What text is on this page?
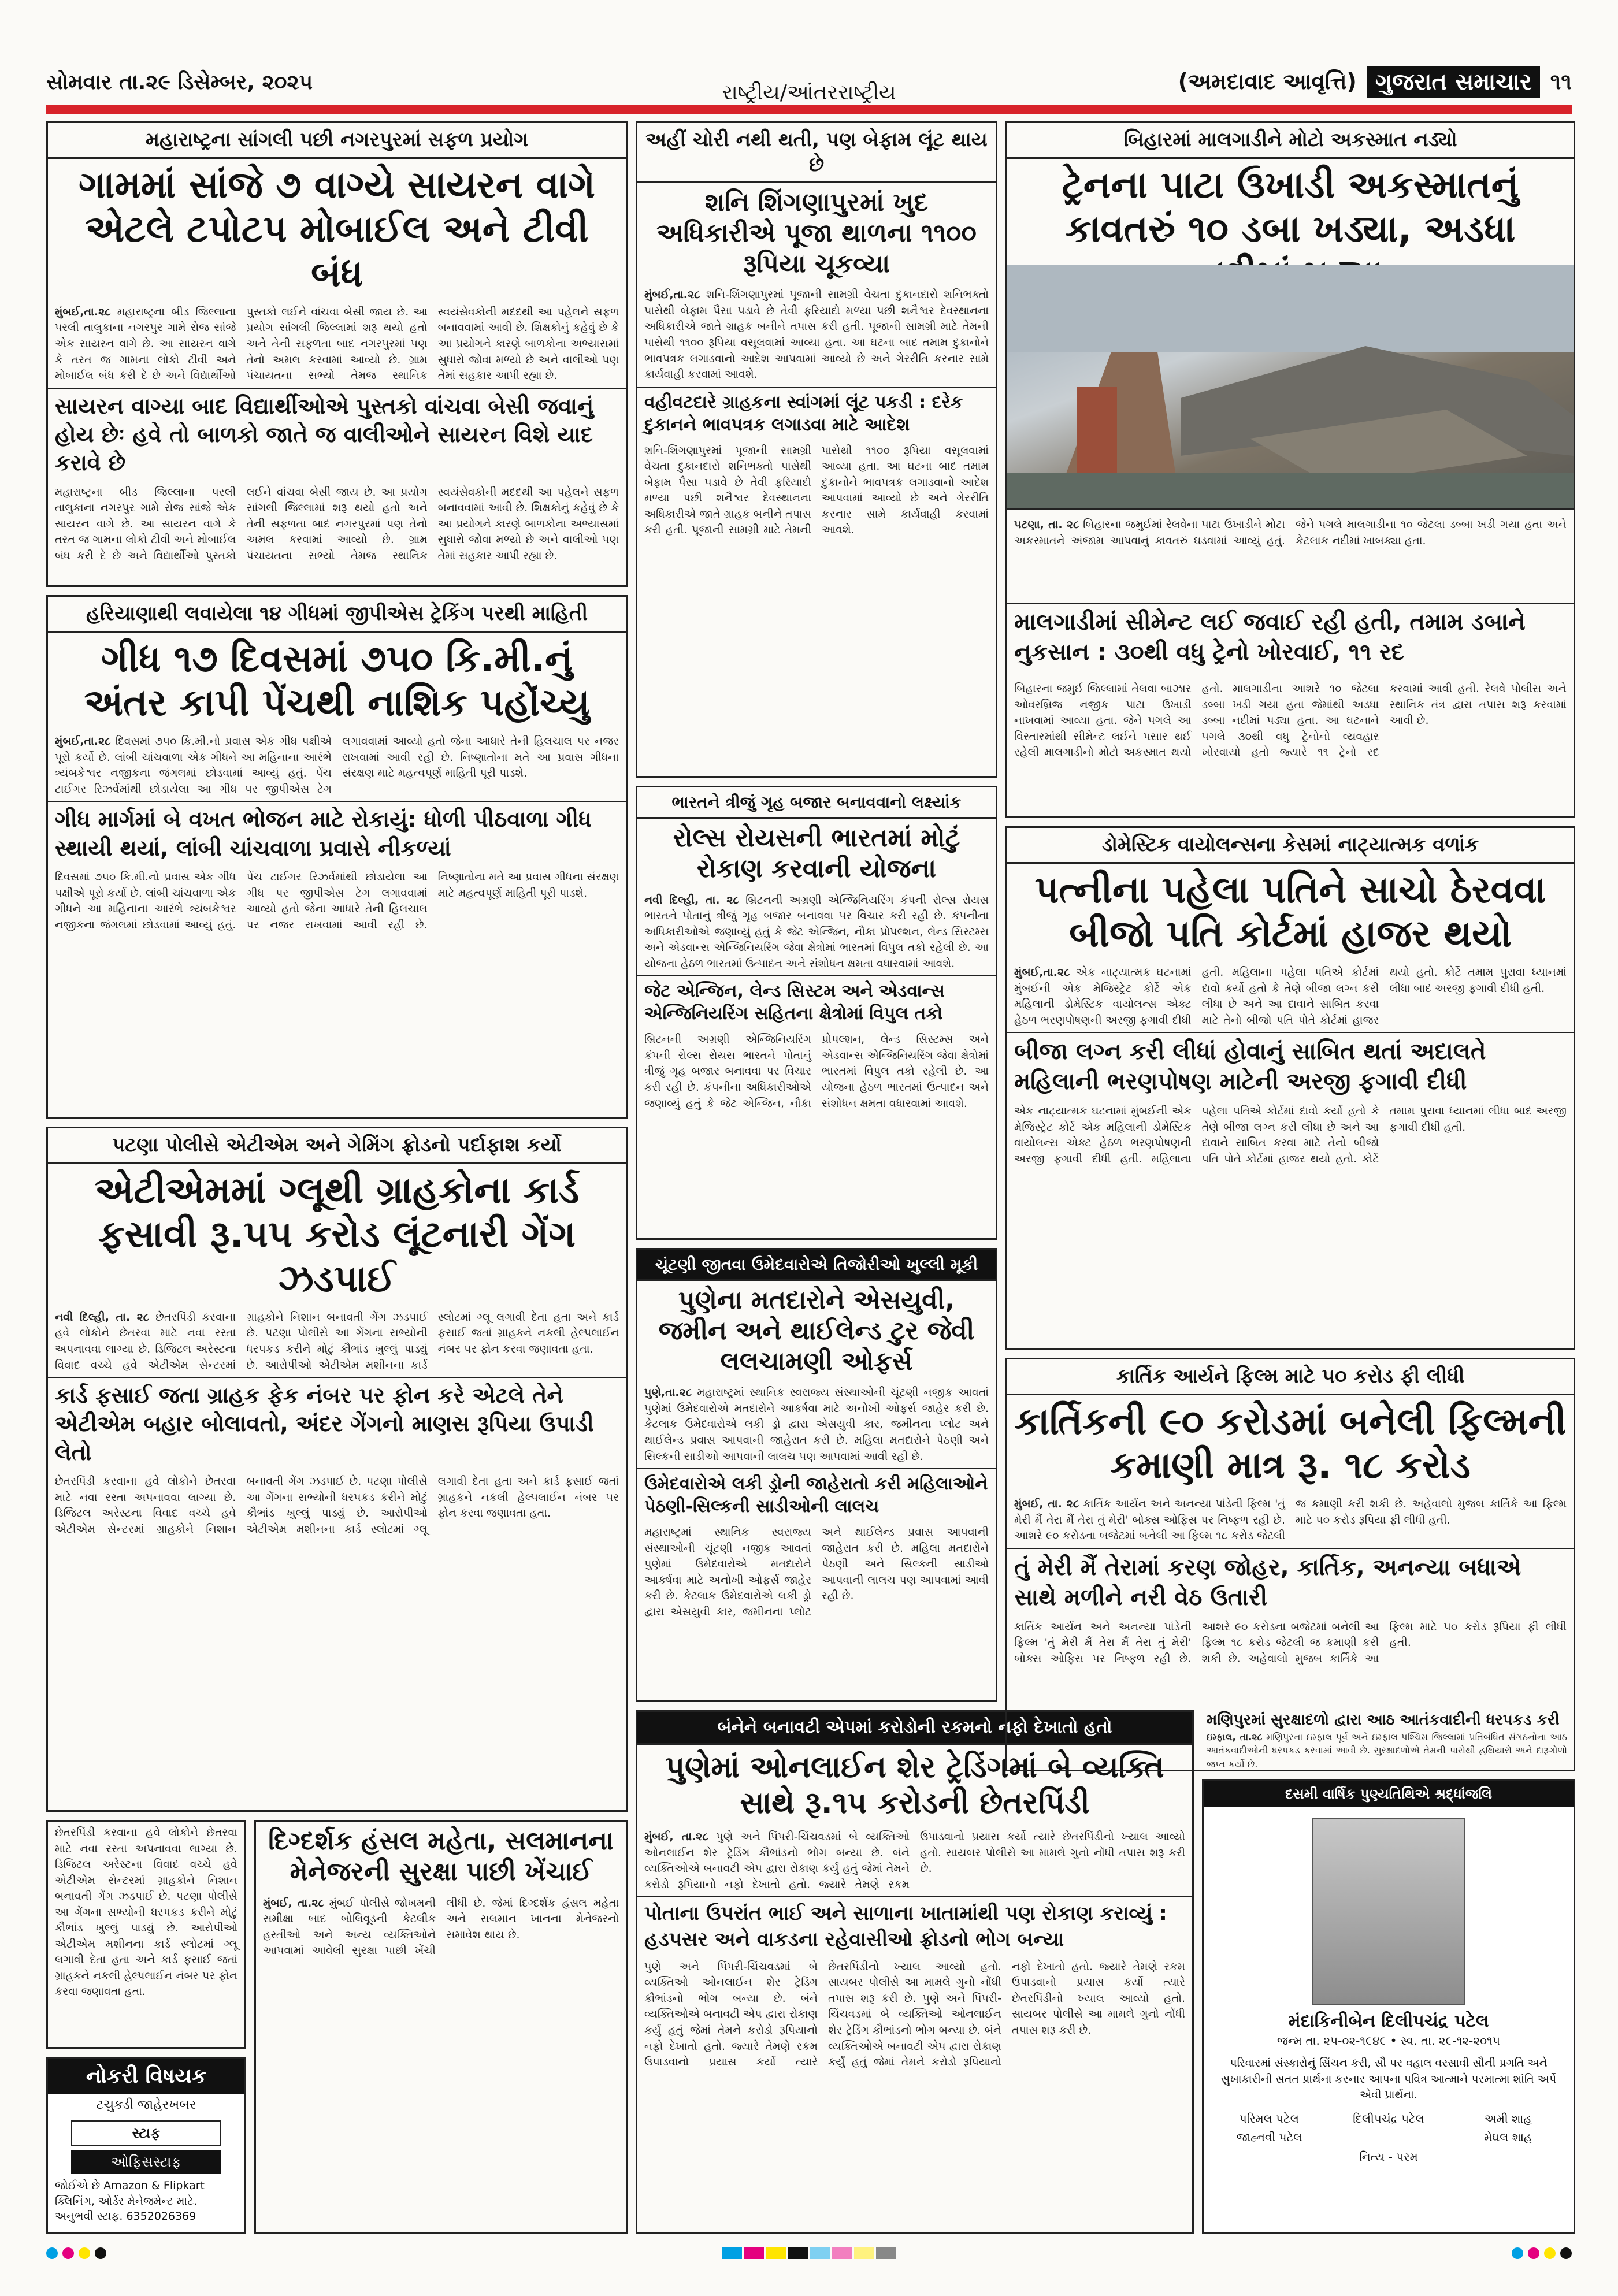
સોમવાર તા.૨૯ ડિસેમ્બર, ૨૦૨૫	રાષ્ટ્રીય/આંતરરાષ્ટ્રીય	(અમદાવાદ આવૃત્તિ) ગુજરાત સમાચાર ૧૧
મહારાષ્ટ્રના સાંગલી પછી નગરપુરમાં સફળ પ્રયોગ
ગામમાં સાંજે ૭ વાગ્યે સાયરન વાગે એટલે ટપોટપ મોબાઈલ અને ટીવી બંધ
મુંબઈ,તા.૨૮ મહારાષ્ટ્રના બીડ જિલ્લાના પરલી તાલુકાના નગરપુર ગામે રોજ સાંજે એક સાયરન વાગે છે. આ સાયરન વાગે કે તરત જ ગામના લોકો ટીવી અને મોબાઈલ બંધ કરી દે છે અને વિદ્યાર્થીઓ પુસ્તકો લઈને વાંચવા બેસી જાય છે. આ પ્રયોગ સાંગલી જિલ્લામાં શરૂ થયો હતો અને તેની સફળતા બાદ નગરપુરમાં પણ તેનો અમલ કરવામાં આવ્યો છે. ગ્રામ પંચાયતના સભ્યો તેમજ સ્થાનિક સ્વયંસેવકોની મદદથી આ પહેલને સફળ બનાવવામાં આવી છે. શિક્ષકોનું કહેવું છે કે આ પ્રયોગને કારણે બાળકોના અભ્યાસમાં સુધારો જોવા મળ્યો છે અને વાલીઓ પણ તેમાં સહકાર આપી રહ્યા છે.
સાયરન વાગ્યા બાદ વિદ્યાર્થીઓએ પુસ્તકો વાંચવા બેસી જવાનું હોય છેઃ હવે તો બાળકો જાતે જ વાલીઓને સાયરન વિશે યાદ કરાવે છે
મહારાષ્ટ્રના બીડ જિલ્લાના પરલી તાલુકાના નગરપુર ગામે રોજ સાંજે એક સાયરન વાગે છે. આ સાયરન વાગે કે તરત જ ગામના લોકો ટીવી અને મોબાઈલ બંધ કરી દે છે અને વિદ્યાર્થીઓ પુસ્તકો લઈને વાંચવા બેસી જાય છે. આ પ્રયોગ સાંગલી જિલ્લામાં શરૂ થયો હતો અને તેની સફળતા બાદ નગરપુરમાં પણ તેનો અમલ કરવામાં આવ્યો છે. ગ્રામ પંચાયતના સભ્યો તેમજ સ્થાનિક સ્વયંસેવકોની મદદથી આ પહેલને સફળ બનાવવામાં આવી છે. શિક્ષકોનું કહેવું છે કે આ પ્રયોગને કારણે બાળકોના અભ્યાસમાં સુધારો જોવા મળ્યો છે અને વાલીઓ પણ તેમાં સહકાર આપી રહ્યા છે.
હરિયાણાથી લવાયેલા ૧૪ ગીધમાં જીપીએસ ટ્રેકિંગ પરથી માહિતી
ગીધ ૧૭ દિવસમાં ૭૫૦ કિ.મી.નું અંતર કાપી પેંચથી નાશિક પહોંચ્યુ
મુંબઈ,તા.૨૮ દિવસમાં ૭૫૦ કિ.મી.નો પ્રવાસ એક ગીધ પક્ષીએ પૂરો કર્યો છે. લાંબી ચાંચવાળા એક ગીધને આ મહિનાના આરંભે ત્ર્યંબકેશ્વર નજીકના જંગલમાં છોડવામાં આવ્યું હતું. પેંચ ટાઈગર રિઝર્વમાંથી છોડાયેલા આ ગીધ પર જીપીએસ ટેગ લગાવવામાં આવ્યો હતો જેના આધારે તેની હિલચાલ પર નજર રાખવામાં આવી રહી છે. નિષ્ણાતોના મતે આ પ્રવાસ ગીધના સંરક્ષણ માટે મહત્વપૂર્ણ માહિતી પૂરી પાડશે.
ગીધ માર્ગમાં બે વખત ભોજન માટે રોકાયું: ધોળી પીઠવાળા ગીધ સ્થાયી થયાં, લાંબી ચાંચવાળા પ્રવાસે નીકળ્યાં
દિવસમાં ૭૫૦ કિ.મી.નો પ્રવાસ એક ગીધ પક્ષીએ પૂરો કર્યો છે. લાંબી ચાંચવાળા એક ગીધને આ મહિનાના આરંભે ત્ર્યંબકેશ્વર નજીકના જંગલમાં છોડવામાં આવ્યું હતું. પેંચ ટાઈગર રિઝર્વમાંથી છોડાયેલા આ ગીધ પર જીપીએસ ટેગ લગાવવામાં આવ્યો હતો જેના આધારે તેની હિલચાલ પર નજર રાખવામાં આવી રહી છે. નિષ્ણાતોના મતે આ પ્રવાસ ગીધના સંરક્ષણ માટે મહત્વપૂર્ણ માહિતી પૂરી પાડશે.
પટણા પોલીસે એટીએમ અને ગેમિંગ ફ્રોડનો પર્દાફાશ કર્યો
એટીએમમાં ગ્લૂથી ગ્રાહકોના કાર્ડ ફસાવી રૂ.૫૫ કરોડ લૂંટનારી ગેંગ ઝડપાઈ
નવી દિલ્હી, તા. ૨૮ છેતરપિંડી કરવાના હવે લોકોને છેતરવા માટે નવા રસ્તા અપનાવવા લાગ્યા છે. ડિજિટલ અરેસ્ટના વિવાદ વચ્ચે હવે એટીએમ સેન્ટરમાં ગ્રાહકોને નિશાન બનાવતી ગેંગ ઝડપાઈ છે. પટણા પોલીસે આ ગેંગના સભ્યોની ધરપકડ કરીને મોટું કૌભાંડ ખુલ્લું પાડ્યું છે. આરોપીઓ એટીએમ મશીનના કાર્ડ સ્લોટમાં ગ્લૂ લગાવી દેતા હતા અને કાર્ડ ફસાઈ જતાં ગ્રાહકને નકલી હેલ્પલાઈન નંબર પર ફોન કરવા જણાવતા હતા.
કાર્ડ ફસાઈ જતા ગ્રાહક ફેક નંબર પર ફોન કરે એટલે તેને એટીએમ બહાર બોલાવતો, અંદર ગેંગનો માણસ રૂપિયા ઉપાડી લેતો
છેતરપિંડી કરવાના હવે લોકોને છેતરવા માટે નવા રસ્તા અપનાવવા લાગ્યા છે. ડિજિટલ અરેસ્ટના વિવાદ વચ્ચે હવે એટીએમ સેન્ટરમાં ગ્રાહકોને નિશાન બનાવતી ગેંગ ઝડપાઈ છે. પટણા પોલીસે આ ગેંગના સભ્યોની ધરપકડ કરીને મોટું કૌભાંડ ખુલ્લું પાડ્યું છે. આરોપીઓ એટીએમ મશીનના કાર્ડ સ્લોટમાં ગ્લૂ લગાવી દેતા હતા અને કાર્ડ ફસાઈ જતાં ગ્રાહકને નકલી હેલ્પલાઈન નંબર પર ફોન કરવા જણાવતા હતા.
દિગ્દર્શક હંસલ મહેતા, સલમાનના મેનેજરની સુરક્ષા પાછી ખેંચાઈ
મુંબઈ, તા.૨૮ મુંબઈ પોલીસે જોખમની સમીક્ષા બાદ બોલિવૂડની કેટલીક હસ્તીઓ અને અન્ય વ્યક્તિઓને આપવામાં આવેલી સુરક્ષા પાછી ખેંચી લીધી છે. જેમાં દિગ્દર્શક હંસલ મહેતા અને સલમાન ખાનના મેનેજરનો સમાવેશ થાય છે.
છેતરપિંડી કરવાના હવે લોકોને છેતરવા માટે નવા રસ્તા અપનાવવા લાગ્યા છે. ડિજિટલ અરેસ્ટના વિવાદ વચ્ચે હવે એટીએમ સેન્ટરમાં ગ્રાહકોને નિશાન બનાવતી ગેંગ ઝડપાઈ છે. પટણા પોલીસે આ ગેંગના સભ્યોની ધરપકડ કરીને મોટું કૌભાંડ ખુલ્લું પાડ્યું છે. આરોપીઓ એટીએમ મશીનના કાર્ડ સ્લોટમાં ગ્લૂ લગાવી દેતા હતા અને કાર્ડ ફસાઈ જતાં ગ્રાહકને નકલી હેલ્પલાઈન નંબર પર ફોન કરવા જણાવતા હતા.
નોકરી વિષયક
ટચુકડી જાહેરખબર
સ્ટાફ
ઓફિસસ્ટાફ
જોઈએ છે Amazon & Flipkart ક્લિનિંગ, ઓર્ડર મેનેજમેન્ટ માટે. અનુભવી સ્ટાફ. 6352026369
અહીં ચોરી નથી થતી, પણ બેફામ લૂંટ થાય છે
શનિ શિંગણાપુરમાં ખુદ અધિકારીએ પૂજા થાળના ૧૧૦૦ રૂપિયા ચૂકવ્યા
મુંબઈ,તા.૨૮ શનિ-શિંગણાપુરમાં પૂજાની સામગ્રી વેચતા દુકાનદારો શનિભક્તો પાસેથી બેફામ પૈસા પડાવે છે તેવી ફરિયાદો મળ્યા પછી શનૈશ્વર દેવસ્થાનના અધિકારીએ જાતે ગ્રાહક બનીને તપાસ કરી હતી. પૂજાની સામગ્રી માટે તેમની પાસેથી ૧૧૦૦ રૂપિયા વસૂલવામાં આવ્યા હતા. આ ઘટના બાદ તમામ દુકાનોને ભાવપત્રક લગાડવાનો આદેશ આપવામાં આવ્યો છે અને ગેરરીતિ કરનાર સામે કાર્યવાહી કરવામાં આવશે.
વહીવટદારે ગ્રાહકના સ્વાંગમાં લૂંટ પકડી : દરેક દુકાનને ભાવપત્રક લગાડવા માટે આદેશ
શનિ-શિંગણાપુરમાં પૂજાની સામગ્રી વેચતા દુકાનદારો શનિભક્તો પાસેથી બેફામ પૈસા પડાવે છે તેવી ફરિયાદો મળ્યા પછી શનૈશ્વર દેવસ્થાનના અધિકારીએ જાતે ગ્રાહક બનીને તપાસ કરી હતી. પૂજાની સામગ્રી માટે તેમની પાસેથી ૧૧૦૦ રૂપિયા વસૂલવામાં આવ્યા હતા. આ ઘટના બાદ તમામ દુકાનોને ભાવપત્રક લગાડવાનો આદેશ આપવામાં આવ્યો છે અને ગેરરીતિ કરનાર સામે કાર્યવાહી કરવામાં આવશે.
ભારતને ત્રીજું ગૃહ બજાર બનાવવાનો લક્ષ્યાંક
રોલ્સ રોયસની ભારતમાં મોટું રોકાણ કરવાની યોજના
નવી દિલ્હી, તા. ૨૮ બ્રિટનની અગ્રણી એન્જિનિયરિંગ કંપની રોલ્સ રોયસ ભારતને પોતાનું ત્રીજું ગૃહ બજાર બનાવવા પર વિચાર કરી રહી છે. કંપનીના અધિકારીઓએ જણાવ્યું હતું કે જેટ એન્જિન, નૌકા પ્રોપલ્શન, લેન્ડ સિસ્ટમ્સ અને એડવાન્સ એન્જિનિયરિંગ જેવા ક્ષેત્રોમાં ભારતમાં વિપુલ તકો રહેલી છે. આ યોજના હેઠળ ભારતમાં ઉત્પાદન અને સંશોધન ક્ષમતા વધારવામાં આવશે.
જેટ એન્જિન, લેન્ડ સિસ્ટમ અને એડવાન્સ એન્જિનિયરિંગ સહિતના ક્ષેત્રોમાં વિપુલ તકો
બ્રિટનની અગ્રણી એન્જિનિયરિંગ કંપની રોલ્સ રોયસ ભારતને પોતાનું ત્રીજું ગૃહ બજાર બનાવવા પર વિચાર કરી રહી છે. કંપનીના અધિકારીઓએ જણાવ્યું હતું કે જેટ એન્જિન, નૌકા પ્રોપલ્શન, લેન્ડ સિસ્ટમ્સ અને એડવાન્સ એન્જિનિયરિંગ જેવા ક્ષેત્રોમાં ભારતમાં વિપુલ તકો રહેલી છે. આ યોજના હેઠળ ભારતમાં ઉત્પાદન અને સંશોધન ક્ષમતા વધારવામાં આવશે.
ચૂંટણી જીતવા ઉમેદવારોએ તિજોરીઓ ખુલ્લી મૂકી
પુણેના મતદારોને એસયુવી, જમીન અને થાઈલેન્ડ ટુર જેવી લલચામણી ઓફર્સ
પુણે,તા.૨૮ મહારાષ્ટ્રમાં સ્થાનિક સ્વરાજ્ય સંસ્થાઓની ચૂંટણી નજીક આવતાં પુણેમાં ઉમેદવારોએ મતદારોને આકર્ષવા માટે અનોખી ઓફર્સ જાહેર કરી છે. કેટલાક ઉમેદવારોએ લકી ડ્રો દ્વારા એસયુવી કાર, જમીનના પ્લોટ અને થાઈલેન્ડ પ્રવાસ આપવાની જાહેરાત કરી છે. મહિલા મતદારોને પેઠણી અને સિલ્કની સાડીઓ આપવાની લાલચ પણ આપવામાં આવી રહી છે.
ઉમેદવારોએ લકી ડ્રોની જાહેરાતો કરી મહિલાઓને પેઠણી-સિલ્કની સાડીઓની લાલચ
મહારાષ્ટ્રમાં સ્થાનિક સ્વરાજ્ય સંસ્થાઓની ચૂંટણી નજીક આવતાં પુણેમાં ઉમેદવારોએ મતદારોને આકર્ષવા માટે અનોખી ઓફર્સ જાહેર કરી છે. કેટલાક ઉમેદવારોએ લકી ડ્રો દ્વારા એસયુવી કાર, જમીનના પ્લોટ અને થાઈલેન્ડ પ્રવાસ આપવાની જાહેરાત કરી છે. મહિલા મતદારોને પેઠણી અને સિલ્કની સાડીઓ આપવાની લાલચ પણ આપવામાં આવી રહી છે.
બંનેને બનાવટી એપમાં કરોડોની રકમનો નફો દેખાતો હતો
પુણેમાં ઓનલાઈન શેર ટ્રેડિંગમાં બે વ્યક્તિ સાથે રૂ.૧૫ કરોડની છેતરપિંડી
મુંબઈ, તા.૨૮ પુણે અને પિંપરી-ચિંચવડમાં બે વ્યક્તિઓ ઓનલાઈન શેર ટ્રેડિંગ કૌભાંડનો ભોગ બન્યા છે. બંને વ્યક્તિઓએ બનાવટી એપ દ્વારા રોકાણ કર્યું હતું જેમાં તેમને કરોડો રૂપિયાનો નફો દેખાતો હતો. જ્યારે તેમણે રકમ ઉપાડવાનો પ્રયાસ કર્યો ત્યારે છેતરપિંડીનો ખ્યાલ આવ્યો હતો. સાયબર પોલીસે આ મામલે ગુનો નોંધી તપાસ શરૂ કરી છે.
પોતાના ઉપરાંત ભાઈ અને સાળાના ખાતામાંથી પણ રોકાણ કરાવ્યું : હડપસર અને વાકડના રહેવાસીઓ ફ્રોડનો ભોગ બન્યા
પુણે અને પિંપરી-ચિંચવડમાં બે વ્યક્તિઓ ઓનલાઈન શેર ટ્રેડિંગ કૌભાંડનો ભોગ બન્યા છે. બંને વ્યક્તિઓએ બનાવટી એપ દ્વારા રોકાણ કર્યું હતું જેમાં તેમને કરોડો રૂપિયાનો નફો દેખાતો હતો. જ્યારે તેમણે રકમ ઉપાડવાનો પ્રયાસ કર્યો ત્યારે છેતરપિંડીનો ખ્યાલ આવ્યો હતો. સાયબર પોલીસે આ મામલે ગુનો નોંધી તપાસ શરૂ કરી છે. પુણે અને પિંપરી-ચિંચવડમાં બે વ્યક્તિઓ ઓનલાઈન શેર ટ્રેડિંગ કૌભાંડનો ભોગ બન્યા છે. બંને વ્યક્તિઓએ બનાવટી એપ દ્વારા રોકાણ કર્યું હતું જેમાં તેમને કરોડો રૂપિયાનો નફો દેખાતો હતો. જ્યારે તેમણે રકમ ઉપાડવાનો પ્રયાસ કર્યો ત્યારે છેતરપિંડીનો ખ્યાલ આવ્યો હતો. સાયબર પોલીસે આ મામલે ગુનો નોંધી તપાસ શરૂ કરી છે.
બિહારમાં માલગાડીને મોટો અકસ્માત નડ્યો
ટ્રેનના પાટા ઉખાડી અકસ્માતનું કાવતરું ૧૦ ડબા ખડ્યા, અડધા
પટણા, તા. ૨૮ બિહારના જમુઈમાં રેલવેના પાટા ઉખાડીને મોટા અકસ્માતને અંજામ આપવાનું કાવતરું ઘડવામાં આવ્યું હતું. જેને પગલે માલગાડીના ૧૦ જેટલા ડબ્બા ખડી ગયા હતા અને કેટલાક નદીમાં ખાબક્યા હતા.
માલગાડીમાં સીમેન્ટ લઈ જવાઈ રહી હતી, તમામ ડબાને નુકસાન : ૩૦થી વધુ ટ્રેનો ખોરવાઈ, ૧૧ રદ
બિહારના જમુઈ જિલ્લામાં તેલવા બાઝાર ઓવરબ્રિજ નજીક પાટા ઉખાડી નાખવામાં આવ્યા હતા. જેને પગલે આ વિસ્તારમાંથી સીમેન્ટ લઈને પસાર થઈ રહેલી માલગાડીનો મોટો અકસ્માત થયો હતો. માલગાડીના આશરે ૧૦ જેટલા ડબ્બા ખડી ગયા હતા જેમાંથી અડધા ડબ્બા નદીમાં પડ્યા હતા. આ ઘટનાને પગલે ૩૦થી વધુ ટ્રેનોનો વ્યવહાર ખોરવાયો હતો જ્યારે ૧૧ ટ્રેનો રદ કરવામાં આવી હતી. રેલવે પોલીસ અને સ્થાનિક તંત્ર દ્વારા તપાસ શરૂ કરવામાં આવી છે.
ડોમેસ્ટિક વાયોલન્સના કેસમાં નાટ્યાત્મક વળાંક
પત્નીના પહેલા પતિને સાચો ઠેરવવા બીજો પતિ કોર્ટમાં હાજર થયો
મુંબઈ,તા.૨૮ એક નાટ્યાત્મક ઘટનામાં મુંબઈની એક મેજિસ્ટ્રેટ કોર્ટે એક મહિલાની ડોમેસ્ટિક વાયોલન્સ એક્ટ હેઠળ ભરણપોષણની અરજી ફગાવી દીધી હતી. મહિલાના પહેલા પતિએ કોર્ટમાં દાવો કર્યો હતો કે તેણે બીજા લગ્ન કરી લીધા છે અને આ દાવાને સાબિત કરવા માટે તેનો બીજો પતિ પોતે કોર્ટમાં હાજર થયો હતો. કોર્ટે તમામ પુરાવા ધ્યાનમાં લીધા બાદ અરજી ફગાવી દીધી હતી.
બીજા લગ્ન કરી લીધાં હોવાનું સાબિત થતાં અદાલતે મહિલાની ભરણપોષણ માટેની અરજી ફગાવી દીધી
એક નાટ્યાત્મક ઘટનામાં મુંબઈની એક મેજિસ્ટ્રેટ કોર્ટે એક મહિલાની ડોમેસ્ટિક વાયોલન્સ એક્ટ હેઠળ ભરણપોષણની અરજી ફગાવી દીધી હતી. મહિલાના પહેલા પતિએ કોર્ટમાં દાવો કર્યો હતો કે તેણે બીજા લગ્ન કરી લીધા છે અને આ દાવાને સાબિત કરવા માટે તેનો બીજો પતિ પોતે કોર્ટમાં હાજર થયો હતો. કોર્ટે તમામ પુરાવા ધ્યાનમાં લીધા બાદ અરજી ફગાવી દીધી હતી.
કાર્તિક આર્યને ફિલ્મ માટે ૫૦ કરોડ ફી લીધી
કાર્તિકની ૯૦ કરોડમાં બનેલી ફિલ્મની કમાણી માત્ર રૂ. ૧૮ કરોડ
મુંબઈ, તા. ૨૮ કાર્તિક આર્યન અને અનન્યા પાંડેની ફિલ્મ 'તું મેરી મૈં તેરા મૈં તેરા તું મેરી' બોક્સ ઓફિસ પર નિષ્ફળ રહી છે. આશરે ૯૦ કરોડના બજેટમાં બનેલી આ ફિલ્મ ૧૮ કરોડ જેટલી જ કમાણી કરી શકી છે. અહેવાલો મુજબ કાર્તિકે આ ફિલ્મ માટે ૫૦ કરોડ રૂપિયા ફી લીધી હતી.
તું મેરી મૈં તેરામાં કરણ જોહર, કાર્તિક, અનન્યા બધાએ સાથે મળીને નરી વેઠ ઉતારી
કાર્તિક આર્યન અને અનન્યા પાંડેની ફિલ્મ 'તું મેરી મૈં તેરા મૈં તેરા તું મેરી' બોક્સ ઓફિસ પર નિષ્ફળ રહી છે. આશરે ૯૦ કરોડના બજેટમાં બનેલી આ ફિલ્મ ૧૮ કરોડ જેટલી જ કમાણી કરી શકી છે. અહેવાલો મુજબ કાર્તિકે આ ફિલ્મ માટે ૫૦ કરોડ રૂપિયા ફી લીધી હતી.
દસમી વાર્ષિક પુણ્યતિથિએ શ્રદ્ધાંજલિ
મંદાકિનીબેન દિલીપચંદ્ર પટેલ
જન્મ તા. ૨૫-૦૨-૧૯૪૯ • સ્વ. તા. ૨૯-૧૨-૨૦૧૫
પરિવારમાં સંસ્કારોનું સિંચન કરી, સૌ પર વહાલ વરસાવી સૌની પ્રગતિ અને સુખાકારીની સતત પ્રાર્થના કરનાર આપના પવિત્ર આત્માને પરમાત્મા શાંતિ અર્પે એવી પ્રાર્થના.
પરિમલ પટેલ	દિલીપચંદ્ર પટેલ	અમી શાહ
જાહ્નવી પટેલ	મેઘલ શાહ
નિત્ય - પરમ
મણિપુરમાં સુરક્ષાદળો દ્વારા આઠ આતંકવાદીની ધરપકડ કરી
ઇમ્ફાલ, તા.૨૮ મણિપુરના ઇમ્ફાલ પૂર્વ અને ઇમ્ફાલ પશ્ચિમ જિલ્લામાં પ્રતિબંધિત સંગઠનોના આઠ આતંકવાદીઓની ધરપકડ કરવામાં આવી છે. સુરક્ષાદળોએ તેમની પાસેથી હથિયારો અને દારૂગોળો જપ્ત કર્યો છે.
